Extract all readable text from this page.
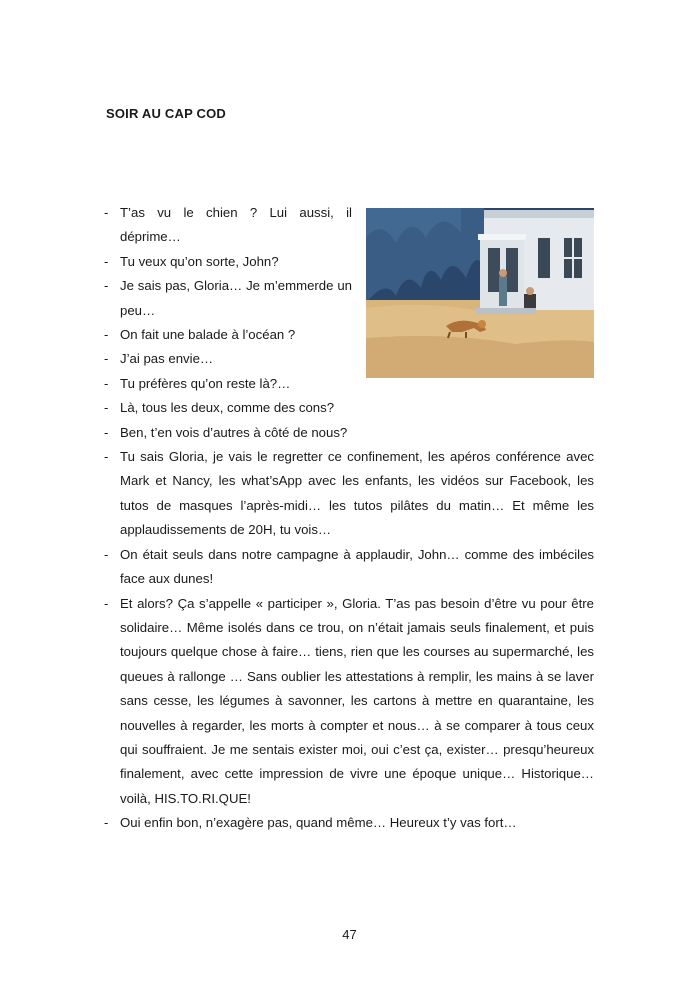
SOIR AU CAP COD
- T’as vu le chien ? Lui aussi, il déprime…
- Tu veux qu’on sorte, John?
- Je sais pas, Gloria… Je m’emmerde un peu…
- On fait une balade à l’océan ?
- J’ai pas envie…
- Tu préfères qu’on reste là?…
- Là, tous les deux, comme des cons?
- Ben, t’en vois d’autres à côté de nous?
- Tu sais Gloria, je vais le regretter ce confinement, les apéros conférence avec Mark et Nancy, les what’sApp avec les enfants, les vidéos sur Facebook, les tutos de masques l’après-midi… les tutos pilâtes du matin… Et même les applaudissements de 20H, tu vois…
- On était seuls dans notre campagne à applaudir, John… comme des imbéciles face aux dunes!
- Et alors? Ça s’appelle « participer », Gloria. T’as pas besoin d’être vu pour être solidaire… Même isolés dans ce trou, on n’était jamais seuls finalement, et puis toujours quelque chose à faire… tiens, rien que les courses au supermarché, les queues à rallonge … Sans oublier les attestations à remplir, les mains à se laver sans cesse, les légumes à savonner, les cartons à mettre en quarantaine, les nouvelles à regarder, les morts à compter et nous… à se comparer à tous ceux qui souffraient. Je me sentais exister moi, oui c’est ça, exister… presqu’heureux finalement, avec cette impression de vivre une époque unique… Historique… voilà, HIS.TO.RI.QUE!
- Oui enfin bon, n’exagère pas, quand même… Heureux t’y vas fort…
47
